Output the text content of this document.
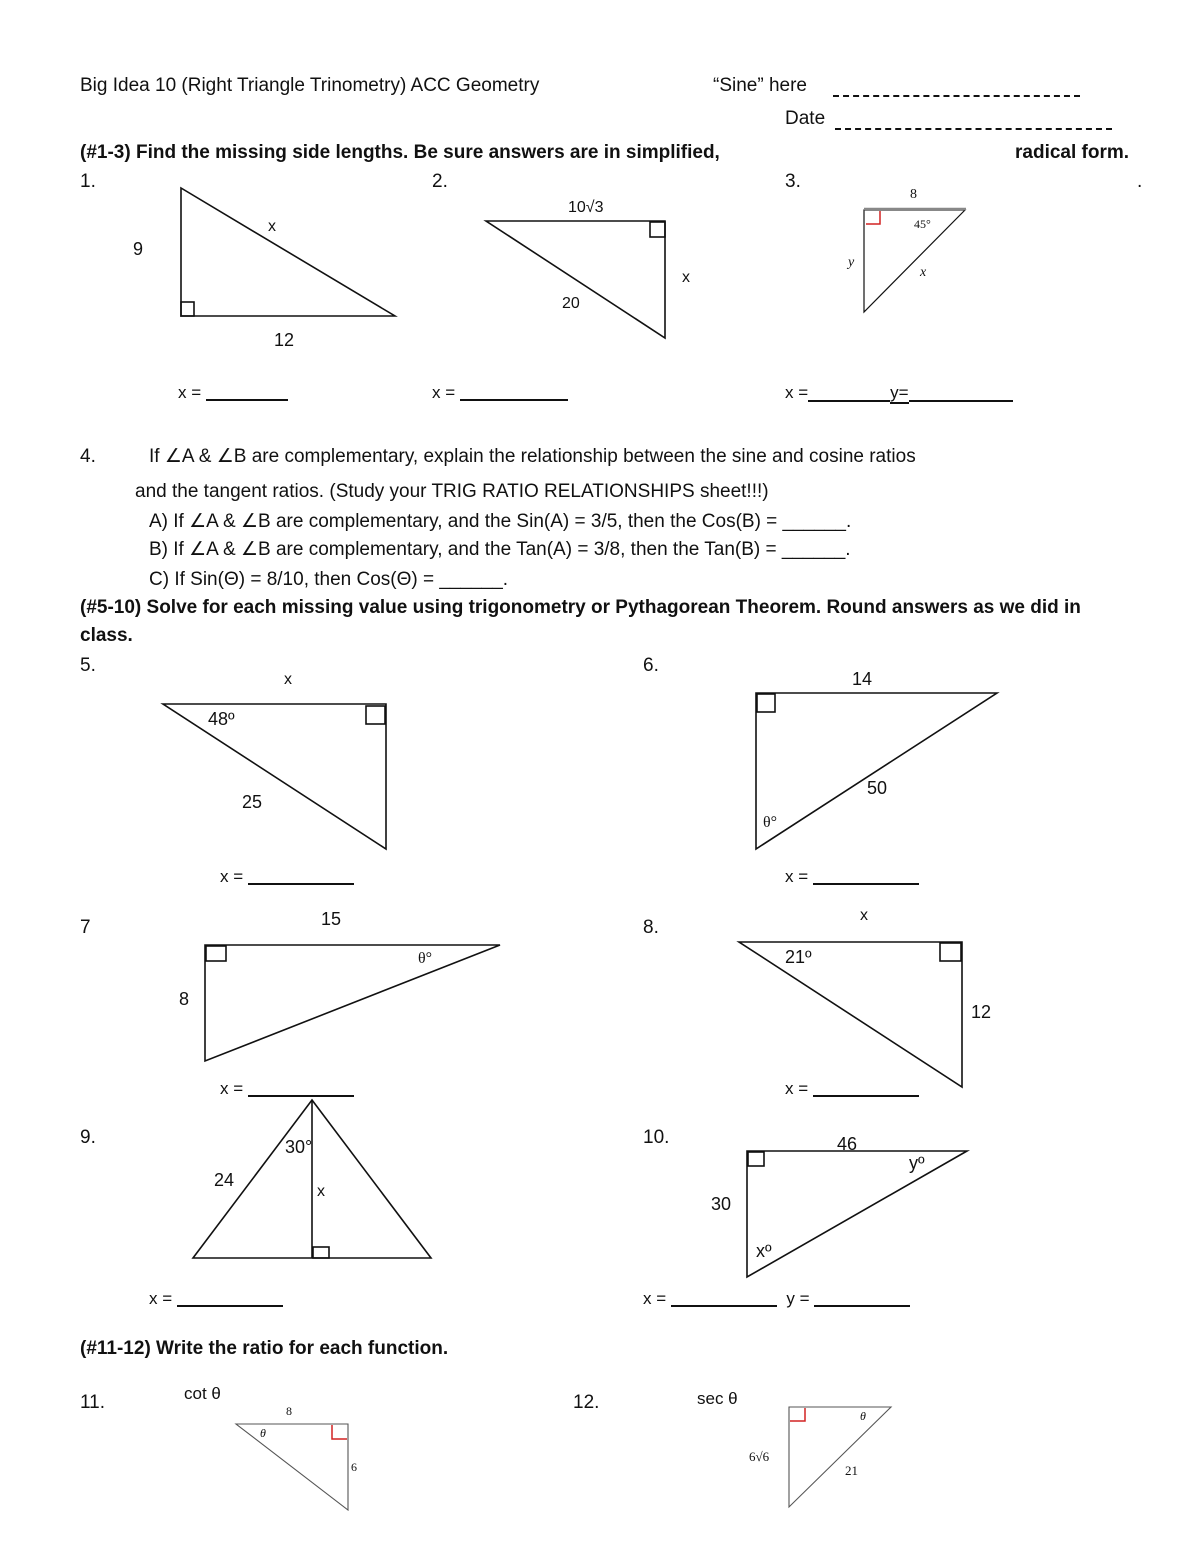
Big Idea 10 (Right Triangle Trinometry) ACC Geometry	“Sine” here
Date
(#1-3) Find the missing side lengths. Be sure answers are in simplified,	radical form.
.
1.	2.	3.
9
12
x
10√3
20
x
8
45°
y
x
x =	x =	x =	y=
4.	If ∠A & ∠B are complementary, explain the relationship between the sine and cosine ratios
and the tangent ratios. (Study your TRIG RATIO RELATIONSHIPS sheet!!!)
A) If ∠A & ∠B are complementary, and the Sin(A) = 3/5, then the Cos(B) = ______.
B) If ∠A & ∠B are complementary, and the Tan(A) = 3/8, then the Tan(B) = ______.
C) If Sin(Θ) = 8/10, then Cos(Θ) = ______.
(#5-10) Solve for each missing value using trigonometry or Pythagorean Theorem. Round answers as we did in
class.
5.	6.
x
48º
25
14
50
θ°
x =	x =
7	8.
15
8
θ°
x
21º
12
x =	x =
9.	10.
24
30°
x
46
30
xº
yº
x =	x =	y =
(#11-12) Write the ratio for each function.
11.	cot θ
8
6
θ
12.	sec θ
6√6
21
θ
